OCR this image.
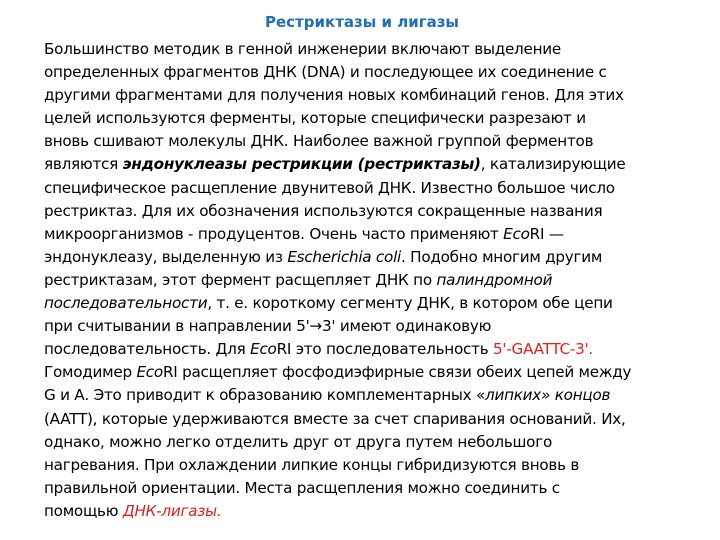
Рестриктазы и лигазы
Большинство методик в генной инженерии включают выделение
определенных фрагментов ДНК (DNA) и последующее их соединение с
другими фрагментами для получения новых комбинаций генов. Для этих
целей используются ферменты, которые специфически разрезают и
вновь сшивают молекулы ДНК. Наиболее важной группой ферментов
являются эндонуклеазы рестрикции (рестриктазы), катализирующие
специфическое расщепление двунитевой ДНК. Известно большое число
рестриктаз. Для их обозначения используются сокращенные названия
микроорганизмов - продуцентов. Очень часто применяют EcoRI —
эндонуклеазу, выделенную из Escherichia coli. Подобно многим другим
рестриктазам, этот фермент расщепляет ДНК по палиндромной
последовательности, т. е. короткому сегменту ДНК, в котором обе цепи
при считывании в направлении 5'→3' имеют одинаковую
последовательность. Для EcoRI это последовательность 5'-GAATTC-3'.
Гомодимер EcoRI расщепляет фосфодиэфирные связи обеих цепей между
G и А. Это приводит к образованию комплементарных «липких» концов
(AATT), которые удерживаются вместе за счет спаривания оснований. Их,
однако, можно легко отделить друг от друга путем небольшого
нагревания. При охлаждении липкие концы гибридизуются вновь в
правильной ориентации. Места расщепления можно соединить с
помощью ДНК-лигазы.
